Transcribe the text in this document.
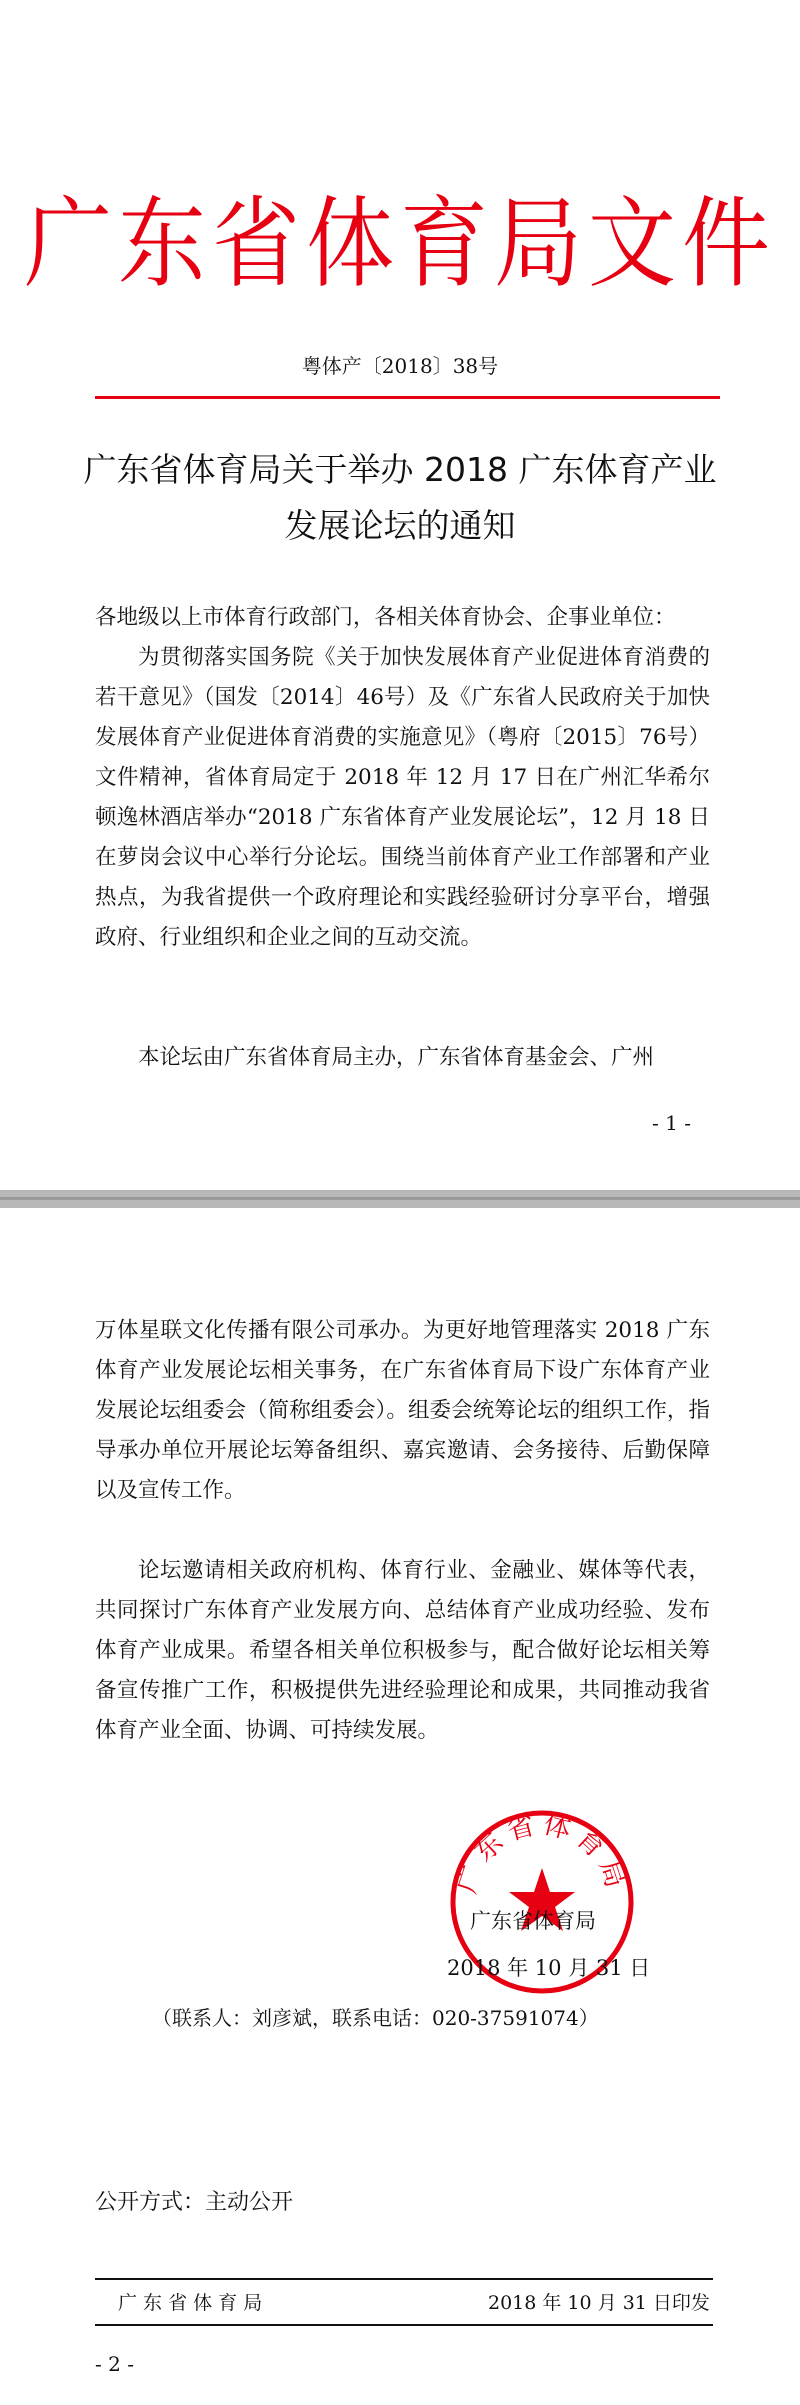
广东省体育局文件
粤体产〔2018〕38号
广东省体育局关于举办 2018 广东体育产业
发展论坛的通知

各地级以上市体育行政部门，各相关体育协会、企事业单位：

为贯彻落实国务院《关于加快发展体育产业促进体育消费的若干意见》（国发〔2014〕46号）及《广东省人民政府关于加快发展体育产业促进体育消费的实施意见》（粤府〔2015〕76号）文件精神，省体育局定于 2018 年 12 月 17 日在广州汇华希尔顿逸林酒店举办“2018 广东省体育产业发展论坛”，12 月 18 日在萝岗会议中心举行分论坛。围绕当前体育产业工作部署和产业热点，为我省提供一个政府理论和实践经验研讨分享平台，增强政府、行业组织和企业之间的互动交流。

本论坛由广东省体育局主办，广东省体育基金会、广州

- 1 -

万体星联文化传播有限公司承办。为更好地管理落实 2018 广东体育产业发展论坛相关事务，在广东省体育局下设广东体育产业发展论坛组委会（简称组委会）。组委会统筹论坛的组织工作，指导承办单位开展论坛筹备组织、嘉宾邀请、会务接待、后勤保障以及宣传工作。

论坛邀请相关政府机构、体育行业、金融业、媒体等代表，共同探讨广东体育产业发展方向、总结体育产业成功经验、发布体育产业成果。希望各相关单位积极参与，配合做好论坛相关筹备宣传推广工作，积极提供先进经验理论和成果，共同推动我省体育产业全面、协调、可持续发展。

广东省体育局
广东省体育局
2018 年 10 月 31 日
（联系人：刘彦斌，联系电话：020-37591074）
公开方式：主动公开
广 东 省 体 育 局	2018 年 10 月 31 日印发
- 2 -
